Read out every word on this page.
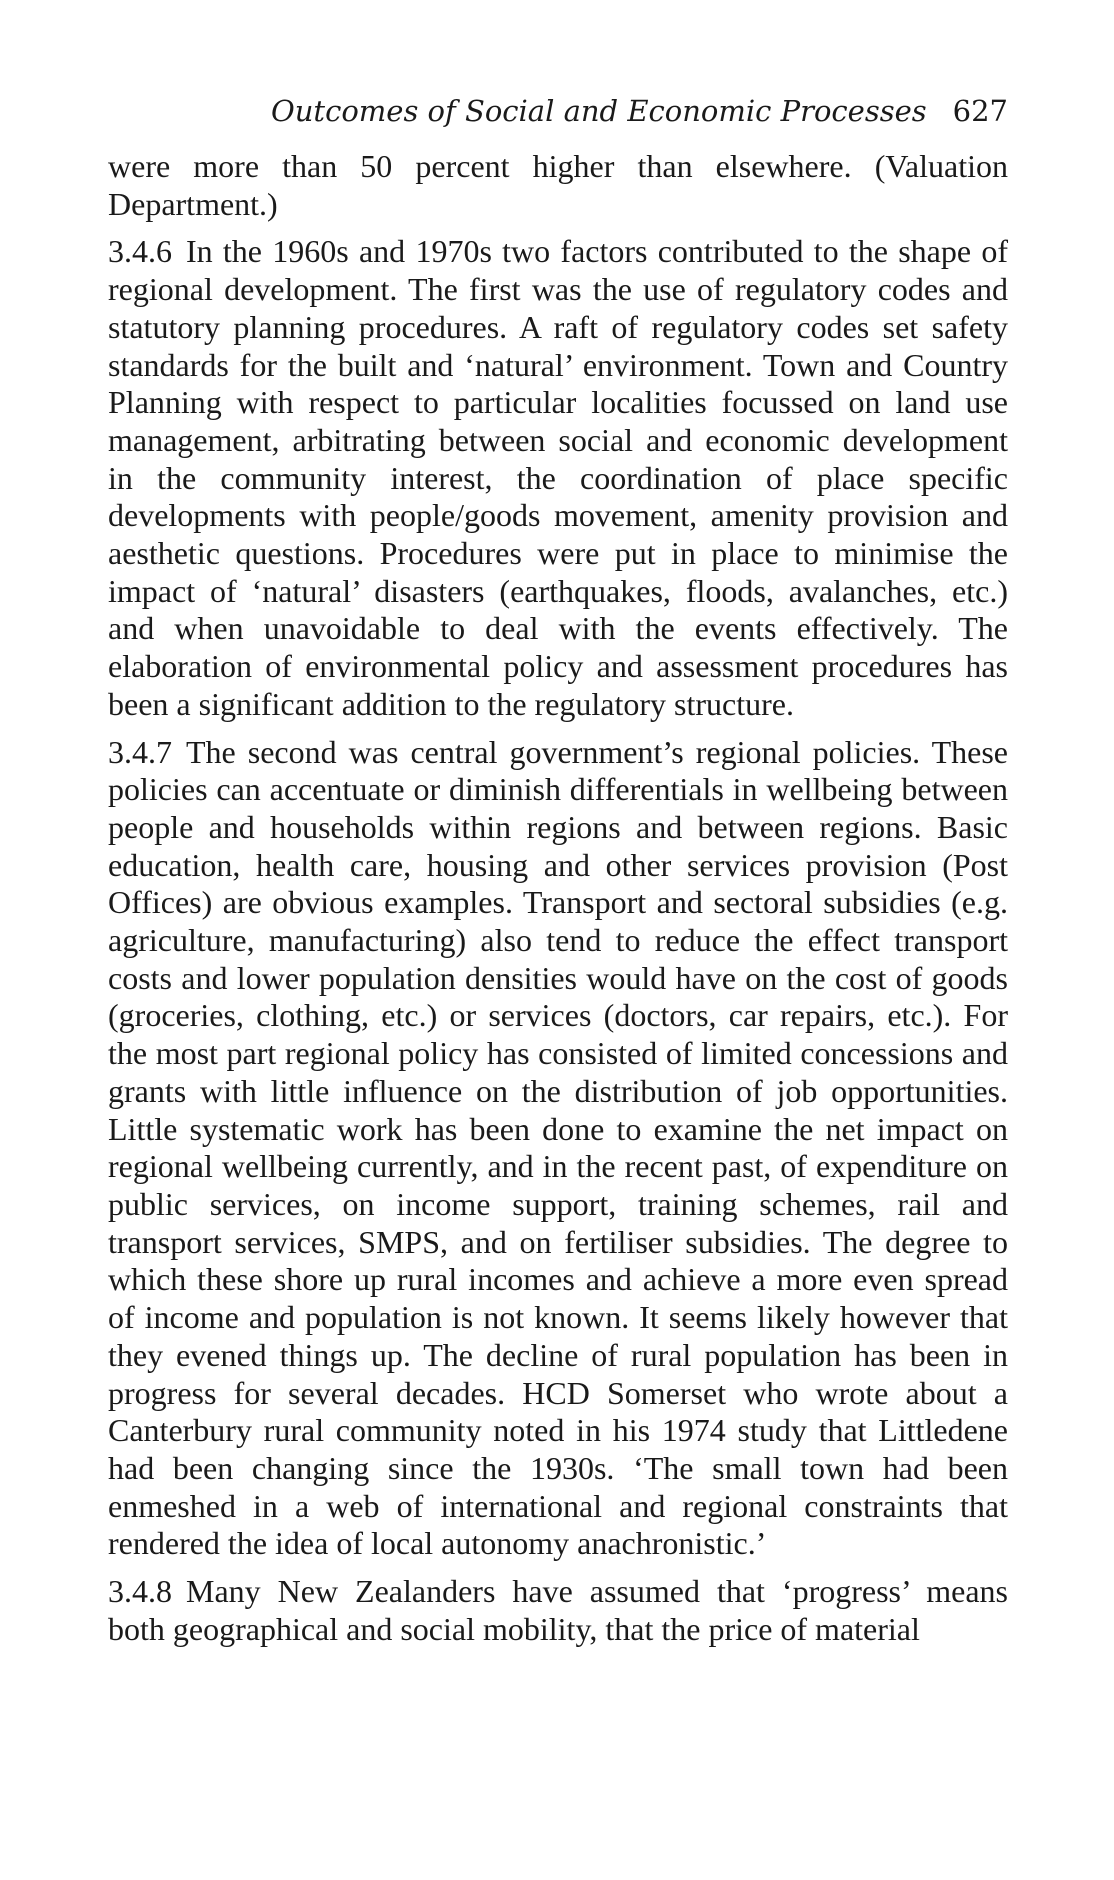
Outcomes of Social and Economic Processes 627

were more than 50 percent higher than elsewhere. (Valuation Department.)

3.4.6 In the 1960s and 1970s two factors contributed to the shape of regional development. The first was the use of regulatory codes and statutory planning procedures. A raft of regulatory codes set safety standards for the built and ‘natural’ environment. Town and Country Planning with respect to particular localities focussed on land use management, arbitrating between social and economic development in the community interest, the coordination of place specific developments with people/goods movement, amenity provision and aesthetic questions. Procedures were put in place to minimise the impact of ‘natural’ disasters (earthquakes, floods, avalanches, etc.) and when unavoidable to deal with the events effectively. The elaboration of environmental policy and assessment procedures has been a significant addition to the regulatory structure.

3.4.7 The second was central government’s regional policies. These policies can accentuate or diminish differentials in wellbeing between people and households within regions and between regions. Basic education, health care, housing and other services provision (Post Offices) are obvious examples. Transport and sectoral subsidies (e.g. agriculture, manufacturing) also tend to reduce the effect transport costs and lower population densities would have on the cost of goods (groceries, clothing, etc.) or services (doctors, car repairs, etc.). For the most part regional policy has consisted of limited concessions and grants with little influence on the distribution of job opportunities. Little systematic work has been done to examine the net impact on regional wellbeing currently, and in the recent past, of expenditure on public services, on income support, training schemes, rail and transport services, SMPS, and on fertiliser subsidies. The degree to which these shore up rural incomes and achieve a more even spread of income and population is not known. It seems likely however that they evened things up. The decline of rural population has been in progress for several decades. HCD Somerset who wrote about a Canterbury rural community noted in his 1974 study that Littledene had been changing since the 1930s. ‘The small town had been enmeshed in a web of international and regional constraints that rendered the idea of local autonomy anachronistic.’

3.4.8 Many New Zealanders have assumed that ‘progress’ means both geographical and social mobility, that the price of material
